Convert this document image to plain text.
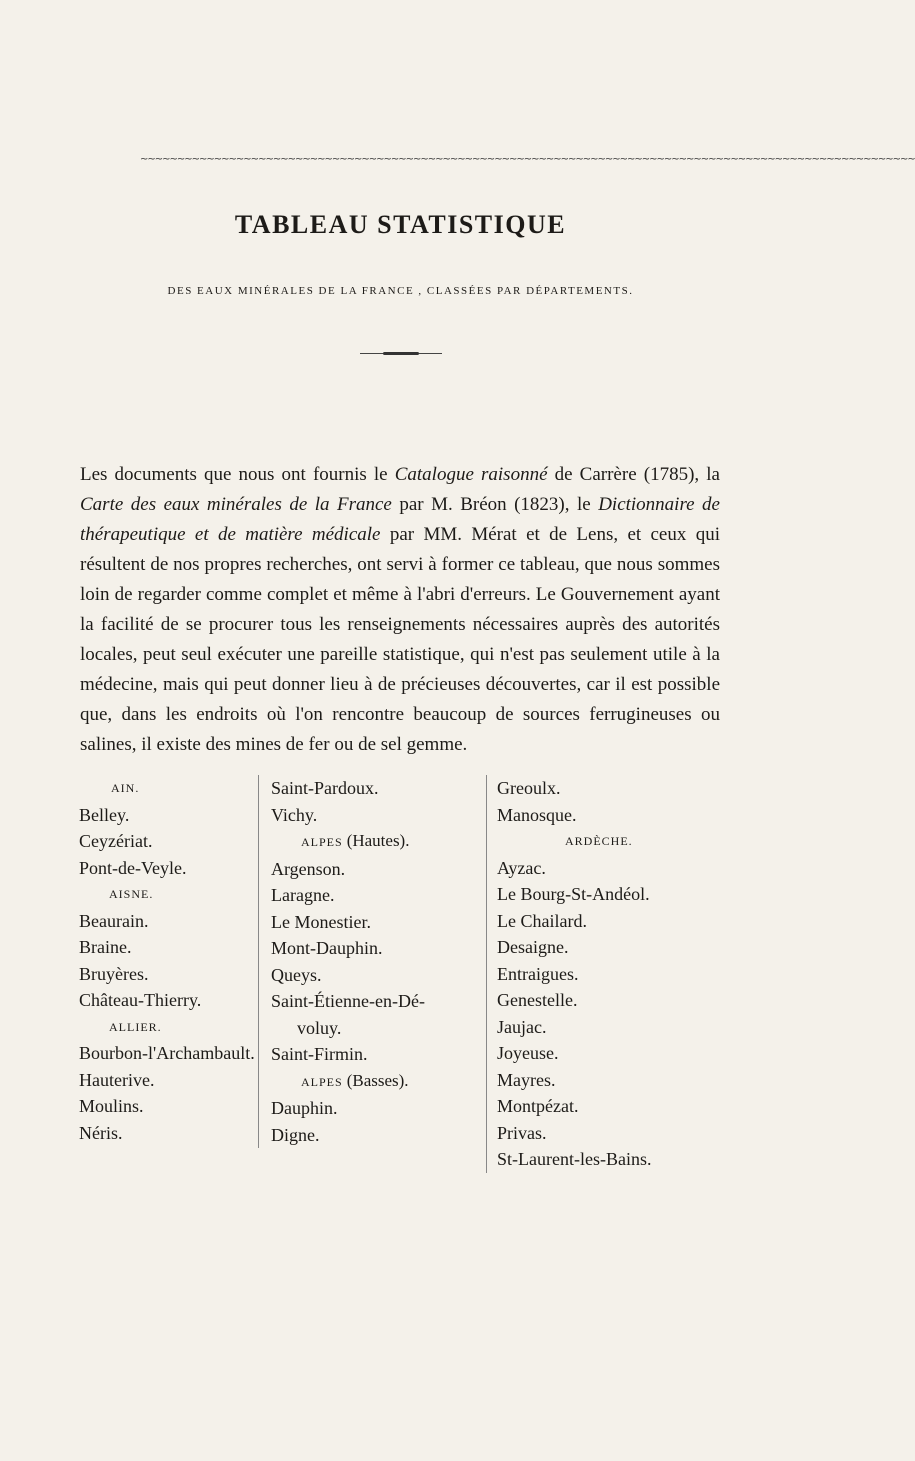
~~~~~~~~~~~~~~~~~~~~~~~~~~~~~~~~~~~~~~~~~~~~~~~~~~~~~~~~~~~~~~~~~~~~~~~~~~~~~~~~~~~~~~~~~~~~~~~~~~~~~~~~~
TABLEAU STATISTIQUE
DES EAUX MINÉRALES DE LA FRANCE , CLASSÉES PAR DÉPARTEMENTS.
Les documents que nous ont fournis le Catalogue raisonné de Carrère (1785), la Carte des eaux minérales de la France par M. Bréon (1823), le Dictionnaire de thérapeutique et de matière médicale par MM. Mérat et de Lens, et ceux qui résultent de nos propres recherches, ont servi à former ce tableau, que nous sommes loin de regarder comme complet et même à l'abri d'erreurs. Le Gouvernement ayant la facilité de se procurer tous les renseignements nécessaires auprès des autorités locales, peut seul exécuter une pareille statistique, qui n'est pas seulement utile à la médecine, mais qui peut donner lieu à de précieuses découvertes, car il est possible que, dans les endroits où l'on rencontre beaucoup de sources ferrugineuses ou salines, il existe des mines de fer ou de sel gemme.
AIN.
Belley.
Ceyzériat.
Pont-de-Veyle.
AISNE.
Beaurain.
Braine.
Bruyères.
Château-Thierry.
ALLIER.
Bourbon-l'Archambault.
Hauterive.
Moulins.
Néris.
Saint-Pardoux.
Vichy.
ALPES (Hautes).
Argenson.
Laragne.
Le Monestier.
Mont-Dauphin.
Queys.
Saint-Étienne-en-Dé-
voluy.
Saint-Firmin.
ALPES (Basses).
Dauphin.
Digne.
Greoulx.
Manosque.
ARDÈCHE.
Ayzac.
Le Bourg-St-Andéol.
Le Chailard.
Desaigne.
Entraigues.
Genestelle.
Jaujac.
Joyeuse.
Mayres.
Montpézat.
Privas.
St-Laurent-les-Bains.
